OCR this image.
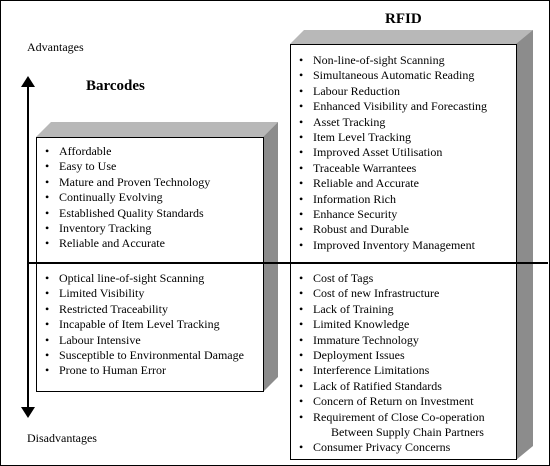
Advantages
Disadvantages
Barcodes
RFID
• Affordable
• Easy to Use
• Mature and Proven Technology
• Continually Evolving
• Established Quality Standards
• Inventory Tracking
• Reliable and Accurate
• Optical line-of-sight Scanning
• Limited Visibility
• Restricted Traceability
• Incapable of Item Level Tracking
• Labour Intensive
• Susceptible to Environmental Damage
• Prone to Human Error
• Non-line-of-sight Scanning
• Simultaneous Automatic Reading
• Labour Reduction
• Enhanced Visibility and Forecasting
• Asset Tracking
• Item Level Tracking
• Improved Asset Utilisation
• Traceable Warrantees
• Reliable and Accurate
• Information Rich
• Enhance Security
• Robust and Durable
• Improved Inventory Management
• Cost of Tags
• Cost of new Infrastructure
• Lack of Training
• Limited Knowledge
• Immature Technology
• Deployment Issues
• Interference Limitations
• Lack of Ratified Standards
• Concern of Return on Investment
• Requirement of Close Co-operation
Between Supply Chain Partners
• Consumer Privacy Concerns
